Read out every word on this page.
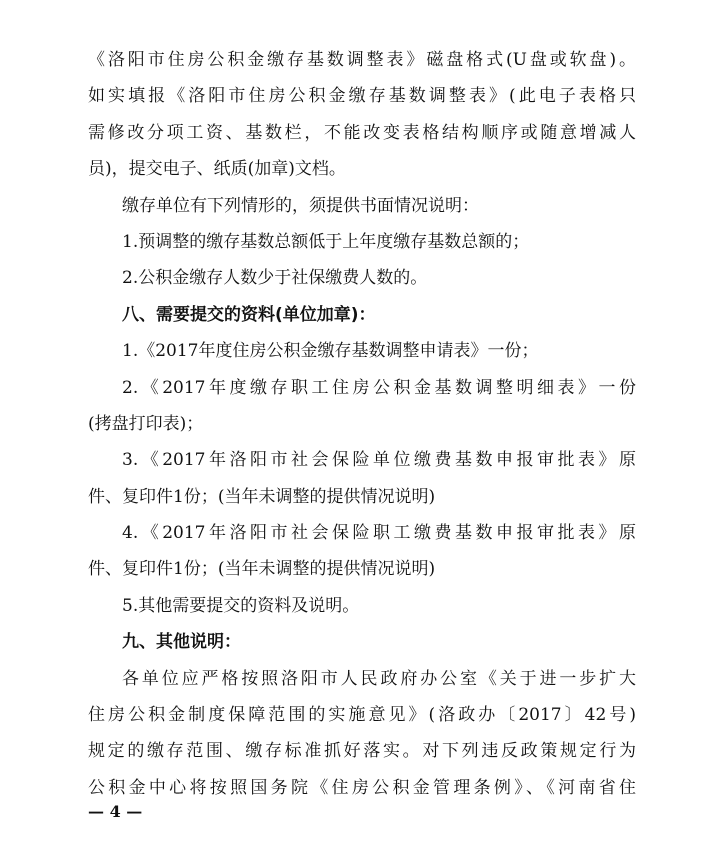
《洛阳市住房公积金缴存基数调整表》磁盘格式(U盘或软盘)。
如实填报《洛阳市住房公积金缴存基数调整表》(此电子表格只
需修改分项工资、基数栏，不能改变表格结构顺序或随意增减人
员)，提交电子、纸质(加章)文档。
缴存单位有下列情形的，须提供书面情况说明：
1.预调整的缴存基数总额低于上年度缴存基数总额的；
2.公积金缴存人数少于社保缴费人数的。
八、需要提交的资料(单位加章)：
1.《2017年度住房公积金缴存基数调整申请表》一份；
2.《2017年度缴存职工住房公积金基数调整明细表》一份
(拷盘打印表)；
3.《2017年洛阳市社会保险单位缴费基数申报审批表》原
件、复印件1份；(当年未调整的提供情况说明)
4.《2017年洛阳市社会保险职工缴费基数申报审批表》原
件、复印件1份；(当年未调整的提供情况说明)
5.其他需要提交的资料及说明。
九、其他说明：
各单位应严格按照洛阳市人民政府办公室《关于进一步扩大
住房公积金制度保障范围的实施意见》(洛政办〔2017〕42号)
规定的缴存范围、缴存标准抓好落实。对下列违反政策规定行为
公积金中心将按照国务院《住房公积金管理条例》、《河南省住
— 4 —
